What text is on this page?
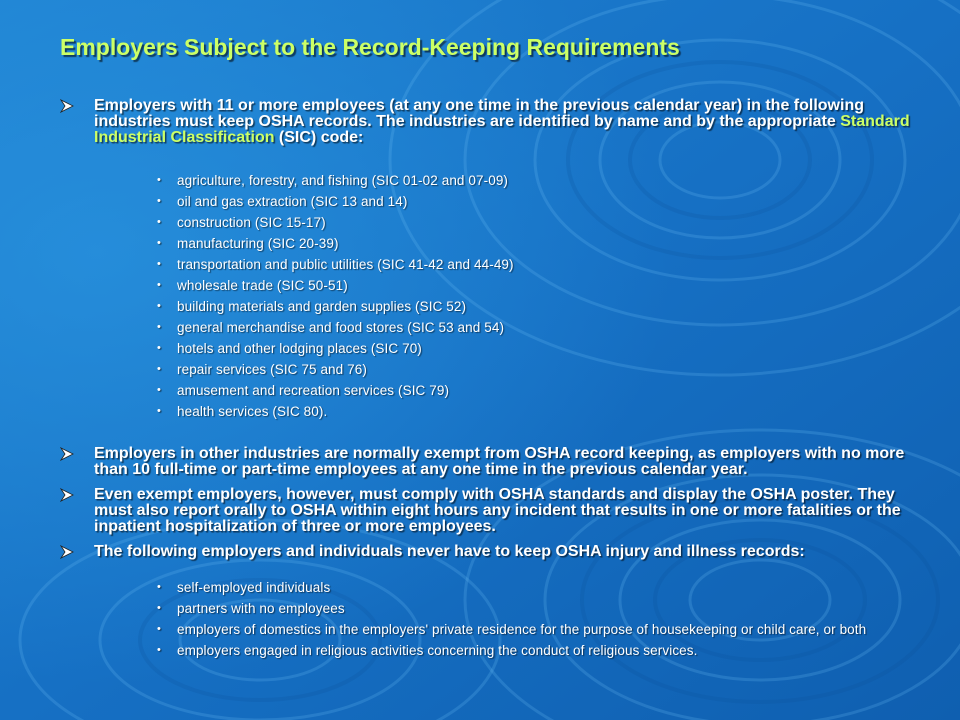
Employers Subject to the Record-Keeping Requirements

Employers with 11 or more employees (at any one time in the previous calendar year) in the following industries must keep OSHA records. The industries are identified by name and by the appropriate Standard Industrial Classification (SIC) code:

• agriculture, forestry, and fishing (SIC 01-02 and 07-09)
• oil and gas extraction (SIC 13 and 14)
• construction (SIC 15-17)
• manufacturing (SIC 20-39)
• transportation and public utilities (SIC 41-42 and 44-49)
• wholesale trade (SIC 50-51)
• building materials and garden supplies (SIC 52)
• general merchandise and food stores (SIC 53 and 54)
• hotels and other lodging places (SIC 70)
• repair services (SIC 75 and 76)
• amusement and recreation services (SIC 79)
• health services (SIC 80).

Employers in other industries are normally exempt from OSHA record keeping, as employers with no more than 10 full-time or part-time employees at any one time in the previous calendar year.

Even exempt employers, however, must comply with OSHA standards and display the OSHA poster. They must also report orally to OSHA within eight hours any incident that results in one or more fatalities or the inpatient hospitalization of three or more employees.

The following employers and individuals never have to keep OSHA injury and illness records:

• self-employed individuals
• partners with no employees
• employers of domestics in the employers' private residence for the purpose of housekeeping or child care, or both
• employers engaged in religious activities concerning the conduct of religious services.
